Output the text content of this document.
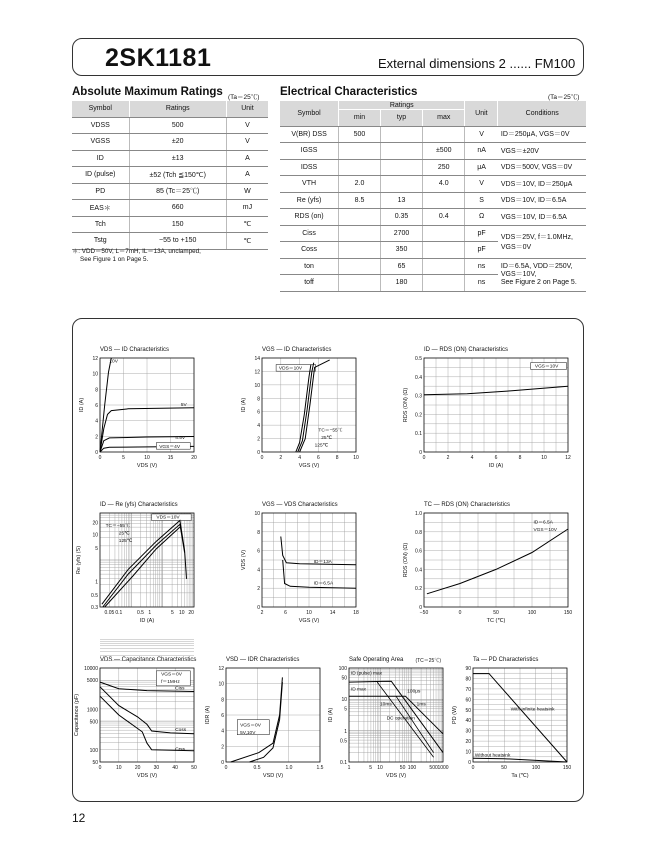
2SK1181	External dimensions 2 ...... FM100
Absolute Maximum Ratings (Ta＝25℃)
Symbol	Ratings	Unit
VDSS	500	V
VGSS	±20	V
ID	±13	A
ID (pulse)	±52 (Tch ≦150℃)	A
PD	85 (Tc＝25℃)	W
EAS＊	660	mJ
Tch	150	℃
Tstg	−55 to +150	℃
＊: VDD＝50V, L＝7mH, IL＝13A, unclamped,
See Figure 1 on Page 5.
Electrical Characteristics	(Ta＝25℃)
Symbol	Ratings			Unit	Conditions
	min	typ	max		
V(BR) DSS	500			V	ID＝250μA, VGS＝0V
IGSS			±500	nA	VGS＝±20V
IDSS			250	μA	VDS＝500V, VGS＝0V
VTH	2.0		4.0	V	VDS＝10V, ID＝250μA
Re (yfs)	8.5	13		S	VDS＝10V, ID＝6.5A
RDS (on)		0.35	0.4	Ω	VGS＝10V, ID＝6.5A
Ciss		2700		pF	VDS＝25V, f＝1.0MHz,
VGS＝0V

Coss		350		pF	
ton		65		ns	ID＝6.5A, VDD＝250V,
VGS＝10V,
See Figure 2 on Page 5.

toff		180		ns	
VDS — ID Characteristics
0	5	10	15	20
0
2
4
6
8
10
12
VDS (V)
ID (A)
10V
5V
4.5V
VGS＝4V
VGS — ID Characteristics
0	2	4	6	8	10
0
2
4
6
8
10
12
14
VGS (V)
ID (A)
VDS＝10V
TC＝−55℃
25℃
125℃
ID — RDS (ON) Characteristics
0	2	4	6	8	10	12
0
0.1
0.2
0.3
0.4
0.5
ID (A)
RDS (ON) (Ω)
VGS＝10V
ID — Re (yfs) Characteristics
0.05 0.1	0.5 1	5 10 20
0.3
0.5
1
5
10
20
ID (A)
Re (yfs) (S)
VDS＝10V
TC＝−55℃
25℃
125℃
VGS — VDS Characteristics
2	6	10	14	18
0
2
4
6
8
10
VGS (V)
VDS (V)	ID＝13A
ID＝6.5A
TC — RDS (ON) Characteristics
−50	0	50	100	150
0
0.2
0.4
0.6
0.8
1.0
TC (℃)
RDS (ON) (Ω)
ID＝6.5A
VGS＝10V
VDS — Capacitance Characteristics
0	10	20	30	40	50
50
100
500
1000
5000
10000
VDS (V)
Capacitance (pF)
VGS＝0V
f＝1MHz
Ciss
Coss
Crss
VSD — IDR Characteristics
0	0.5	1.0	1.5
0
2
4
6
8
10
12
VSD (V)
IDR (A)
VGS＝0V
5V,10V
Safe Operating Area (TC＝25℃)
1	5 10	50 100	500 1000
0.1
0.5
1
5
10
50
100
VDS (V)
ID (A)
ID (pulse) max
ID max	100μs
1ms
10ms
DC operation
Ta — PD Characteristics
0	50	100	150
0
10
20
30
40
50
60
70
80
90
Ta (℃)
PD (W)	With infinite heatsink
Without heatsink
12
